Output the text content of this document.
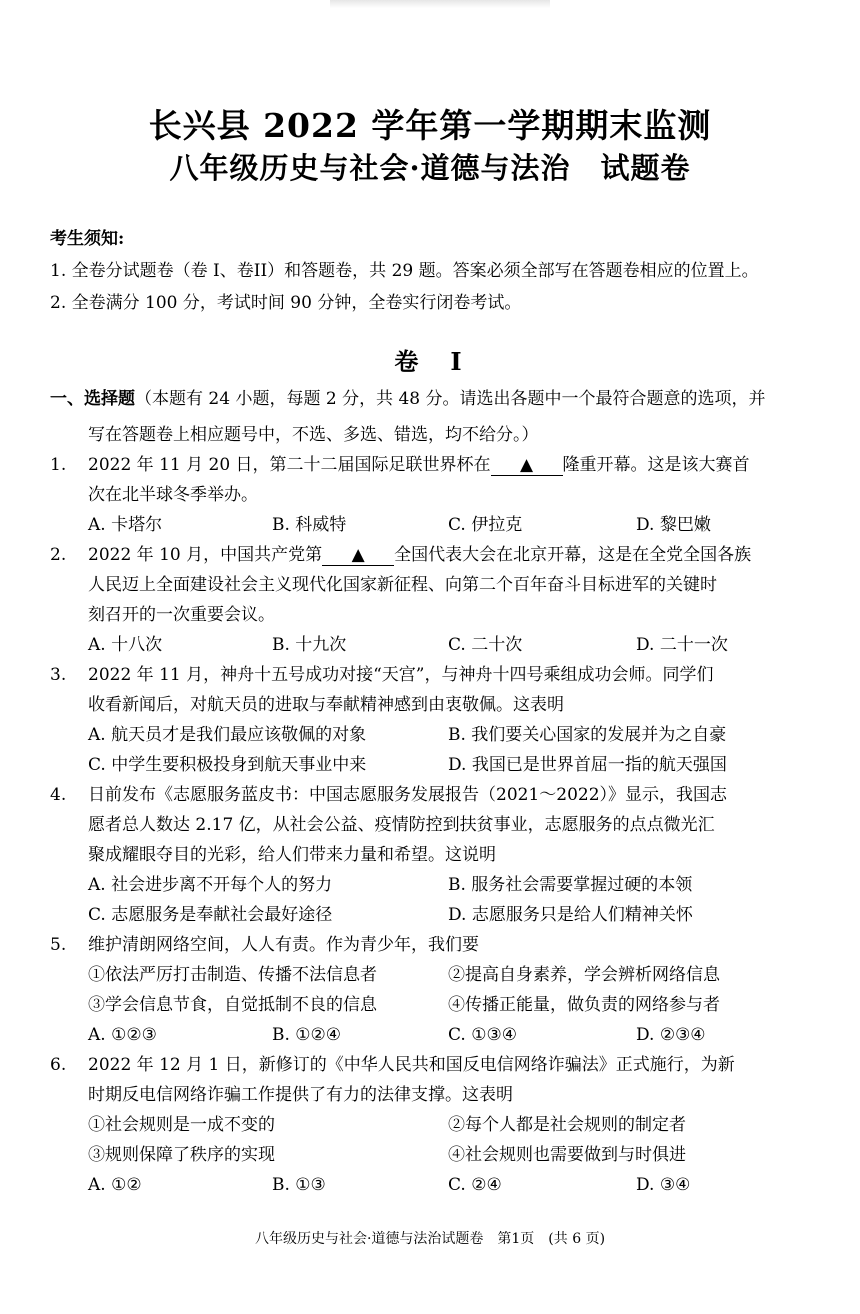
长兴县 2022 学年第一学期期末监测
八年级历史与社会·道德与法治　试题卷
考生须知:
1. 全卷分试题卷（卷 I、卷II）和答题卷，共 29 题。答案必须全部写在答题卷相应的位置上。
2. 全卷满分 100 分，考试时间 90 分钟，全卷实行闭卷考试。
卷　I
一、选择题（本题有 24 小题，每题 2 分，共 48 分。请选出各题中一个最符合题意的选项，并
写在答题卷上相应题号中，不选、多选、错选，均不给分。）
1.	2022 年 11 月 20 日，第二十二届国际足联世界杯在 ▲ 隆重开幕。这是该大赛首
次在北半球冬季举办。
A. 卡塔尔	B. 科威特	C. 伊拉克	D. 黎巴嫩
2.	2022 年 10 月，中国共产党第 ▲ 全国代表大会在北京开幕，这是在全党全国各族
人民迈上全面建设社会主义现代化国家新征程、向第二个百年奋斗目标进军的关键时
刻召开的一次重要会议。
A. 十八次	B. 十九次	C. 二十次	D. 二十一次
3.	2022 年 11 月，神舟十五号成功对接“天宫”，与神舟十四号乘组成功会师。同学们
收看新闻后，对航天员的进取与奉献精神感到由衷敬佩。这表明
A. 航天员才是我们最应该敬佩的对象	B. 我们要关心国家的发展并为之自豪
C. 中学生要积极投身到航天事业中来	D. 我国已是世界首屈一指的航天强国
4.	日前发布《志愿服务蓝皮书：中国志愿服务发展报告（2021～2022）》显示，我国志
愿者总人数达 2.17 亿，从社会公益、疫情防控到扶贫事业，志愿服务的点点微光汇
聚成耀眼夺目的光彩，给人们带来力量和希望。这说明
A. 社会进步离不开每个人的努力	B. 服务社会需要掌握过硬的本领
C. 志愿服务是奉献社会最好途径	D. 志愿服务只是给人们精神关怀
5.	维护清朗网络空间，人人有责。作为青少年，我们要
①依法严厉打击制造、传播不法信息者	②提高自身素养，学会辨析网络信息
③学会信息节食，自觉抵制不良的信息	④传播正能量，做负责的网络参与者
A. ①②③	B. ①②④	C. ①③④	D. ②③④
6.	2022 年 12 月 1 日，新修订的《中华人民共和国反电信网络诈骗法》正式施行，为新
时期反电信网络诈骗工作提供了有力的法律支撑。这表明
①社会规则是一成不变的	②每个人都是社会规则的制定者
③规则保障了秩序的实现	④社会规则也需要做到与时俱进
A. ①②	B. ①③	C. ②④	D. ③④
八年级历史与社会·道德与法治试题卷　第1页　(共 6 页)
